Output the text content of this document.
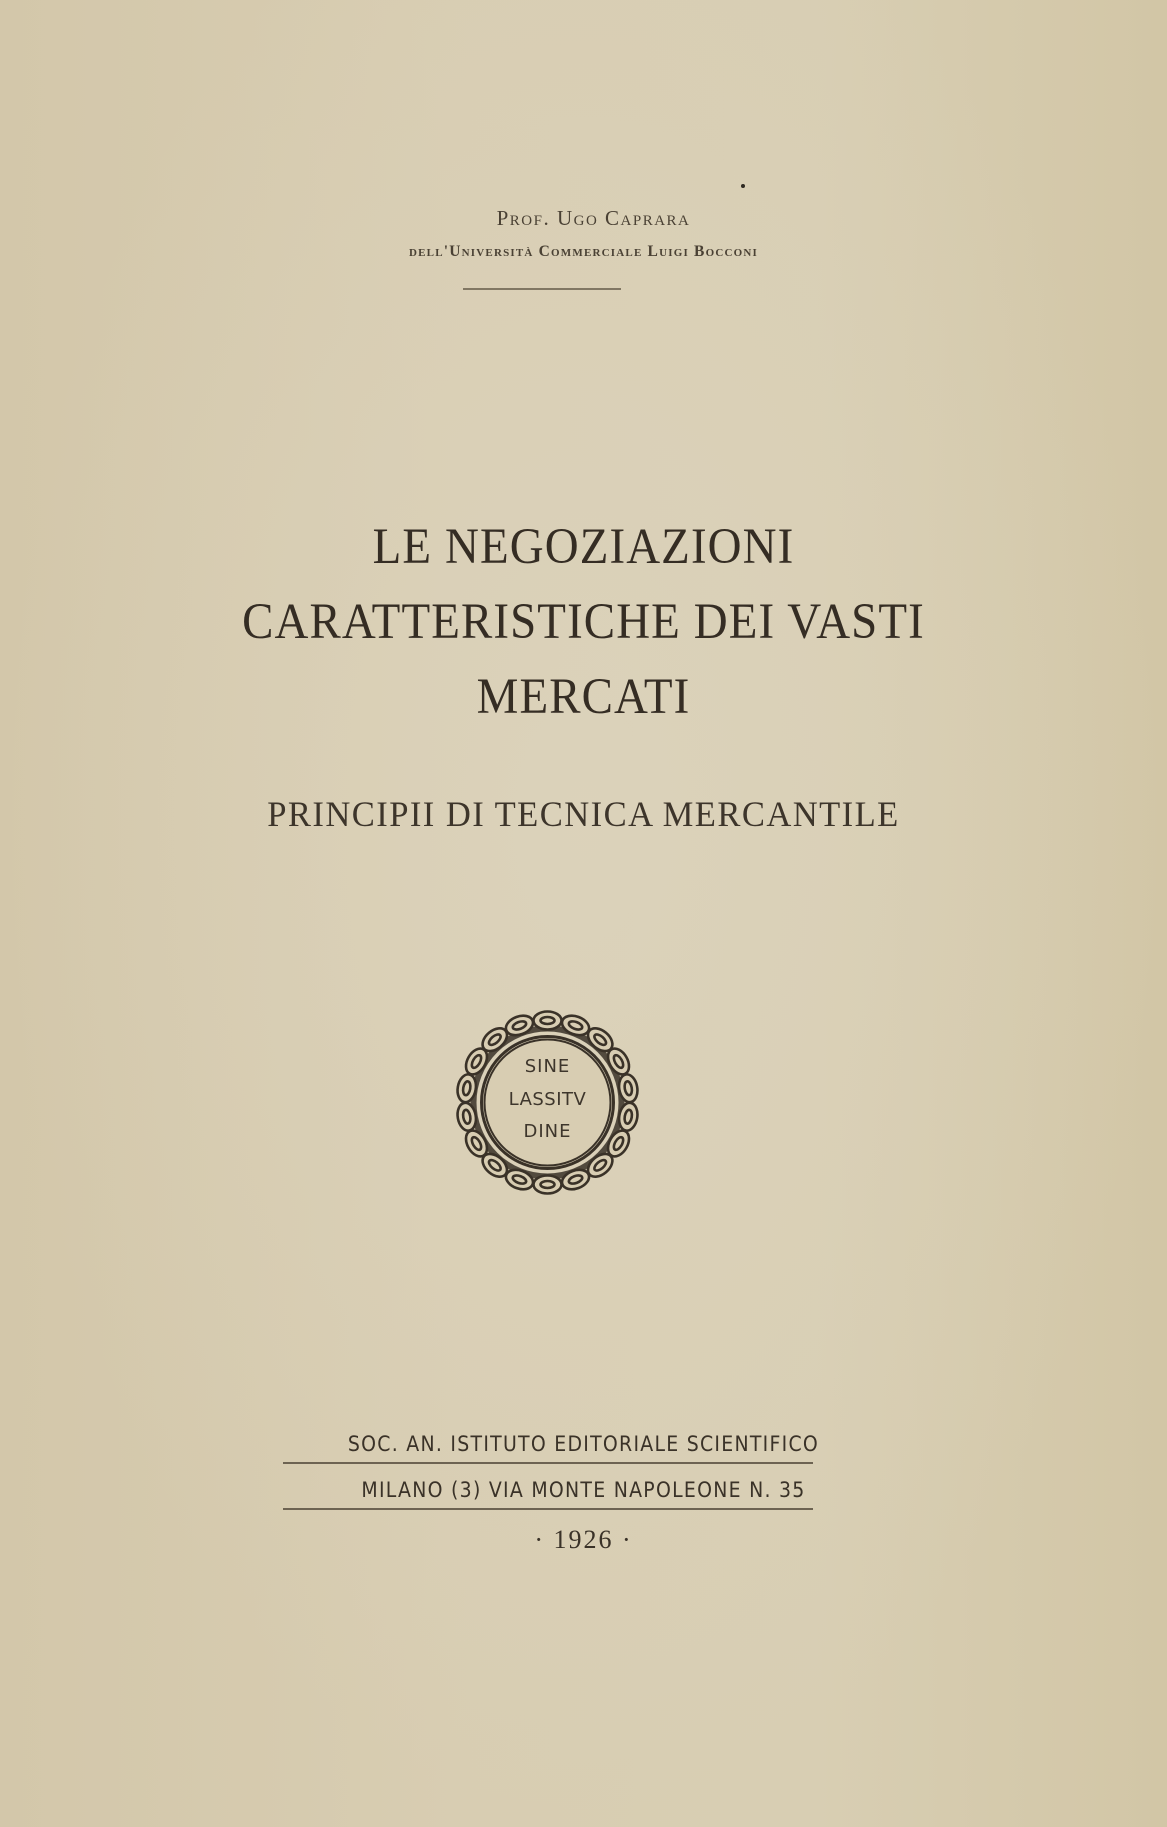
Prof. Ugo Caprara
dell'Università Commerciale Luigi Bocconi
LE NEGOZIAZIONI
CARATTERISTICHE DEI VASTI
MERCATI
PRINCIPII DI TECNICA MERCANTILE
SINE
LASSITV
DINE
SOC. AN. ISTITUTO EDITORIALE SCIENTIFICO
MILANO (3) VIA MONTE NAPOLEONE N. 35
· 1926 ·
